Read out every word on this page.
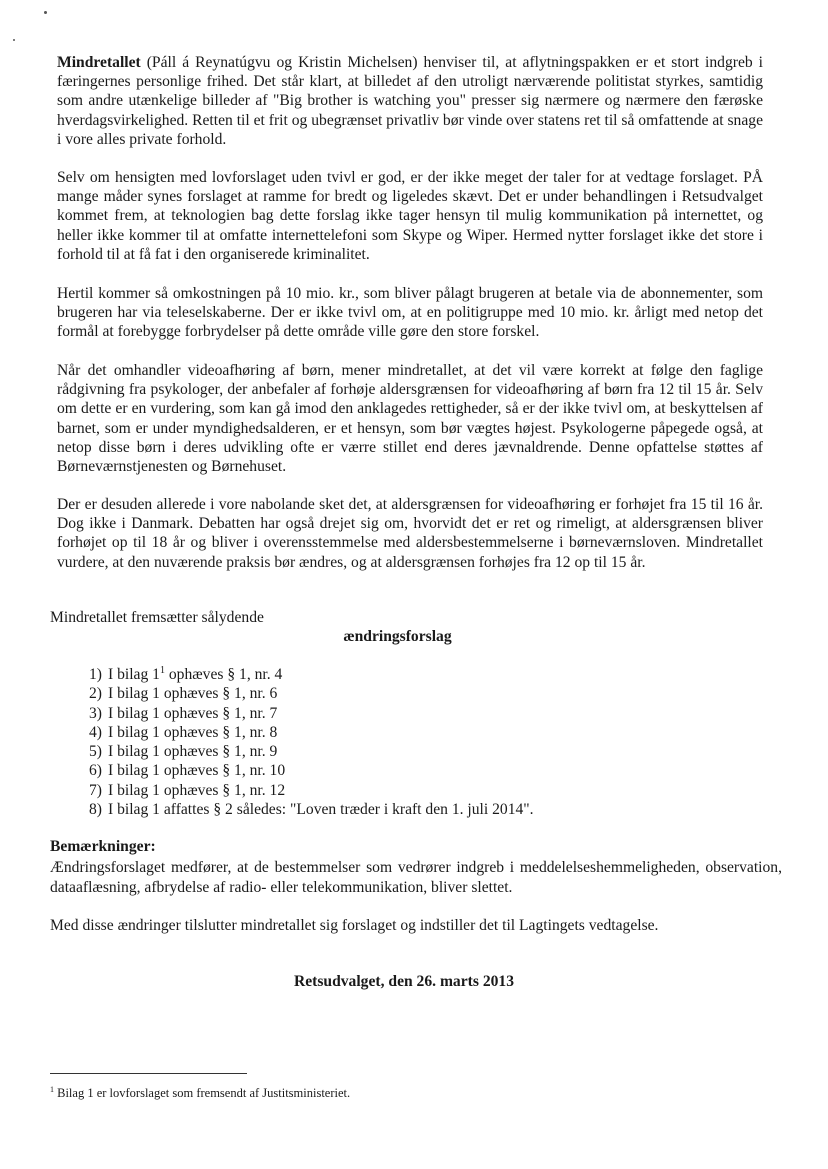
Mindretallet (Páll á Reynatúgvu og Kristin Michelsen) henviser til, at aflytningspakken er et stort indgreb i færingernes personlige frihed. Det står klart, at billedet af den utroligt nærværende politistat styrkes, samtidig som andre utænkelige billeder af "Big brother is watching you" presser sig nærmere og nærmere den færøske hverdagsvirkelighed. Retten til et frit og ubegrænset privatliv bør vinde over statens ret til så omfattende at snage i vore alles private forhold.

Selv om hensigten med lovforslaget uden tvivl er god, er der ikke meget der taler for at vedtage forslaget. PÅ mange måder synes forslaget at ramme for bredt og ligeledes skævt. Det er under behandlingen i Retsudvalget kommet frem, at teknologien bag dette forslag ikke tager hensyn til mulig kommunikation på internettet, og heller ikke kommer til at omfatte internettelefoni som Skype og Wiper. Hermed nytter forslaget ikke det store i forhold til at få fat i den organiserede kriminalitet.

Hertil kommer så omkostningen på 10 mio. kr., som bliver pålagt brugeren at betale via de abonnementer, som brugeren har via teleselskaberne. Der er ikke tvivl om, at en politigruppe med 10 mio. kr. årligt med netop det formål at forebygge forbrydelser på dette område ville gøre den store forskel.

Når det omhandler videoafhøring af børn, mener mindretallet, at det vil være korrekt at følge den faglige rådgivning fra psykologer, der anbefaler af forhøje aldersgrænsen for videoafhøring af børn fra 12 til 15 år. Selv om dette er en vurdering, som kan gå imod den anklagedes rettigheder, så er der ikke tvivl om, at beskyttelsen af barnet, som er under myndighedsalderen, er et hensyn, som bør vægtes højest. Psykologerne påpegede også, at netop disse børn i deres udvikling ofte er værre stillet end deres jævnaldrende. Denne opfattelse støttes af Børneværnstjenesten og Børnehuset.

Der er desuden allerede i vore nabolande sket det, at aldersgrænsen for videoafhøring er forhøjet fra 15 til 16 år. Dog ikke i Danmark. Debatten har også drejet sig om, hvorvidt det er ret og rimeligt, at aldersgrænsen bliver forhøjet op til 18 år og bliver i overensstemmelse med aldersbestemmelserne i børneværnsloven. Mindretallet vurdere, at den nuværende praksis bør ændres, og at aldersgrænsen forhøjes fra 12 op til 15 år.

Mindretallet fremsætter sålydende

ændringsforslag

1) I bilag $1^1$ ophæves § 1, nr. 4
2) I bilag 1 ophæves § 1, nr. 6
3) I bilag 1 ophæves § 1, nr. 7
4) I bilag 1 ophæves § 1, nr. 8
5) I bilag 1 ophæves § 1, nr. 9
6) I bilag 1 ophæves § 1, nr. 10
7) I bilag 1 ophæves § 1, nr. 12
8) I bilag 1 affattes § 2 således: "Loven træder i kraft den 1. juli 2014".

Bemærkninger:

Ændringsforslaget medfører, at de bestemmelser som vedrører indgreb i meddelelseshemmeligheden, observation, dataaflæsning, afbrydelse af radio- eller telekommunikation, bliver slettet.

Med disse ændringer tilslutter mindretallet sig forslaget og indstiller det til Lagtingets vedtagelse.

Retsudvalget, den 26. marts 2013

$^1$ Bilag 1 er lovforslaget som fremsendt af Justitsministeriet.
